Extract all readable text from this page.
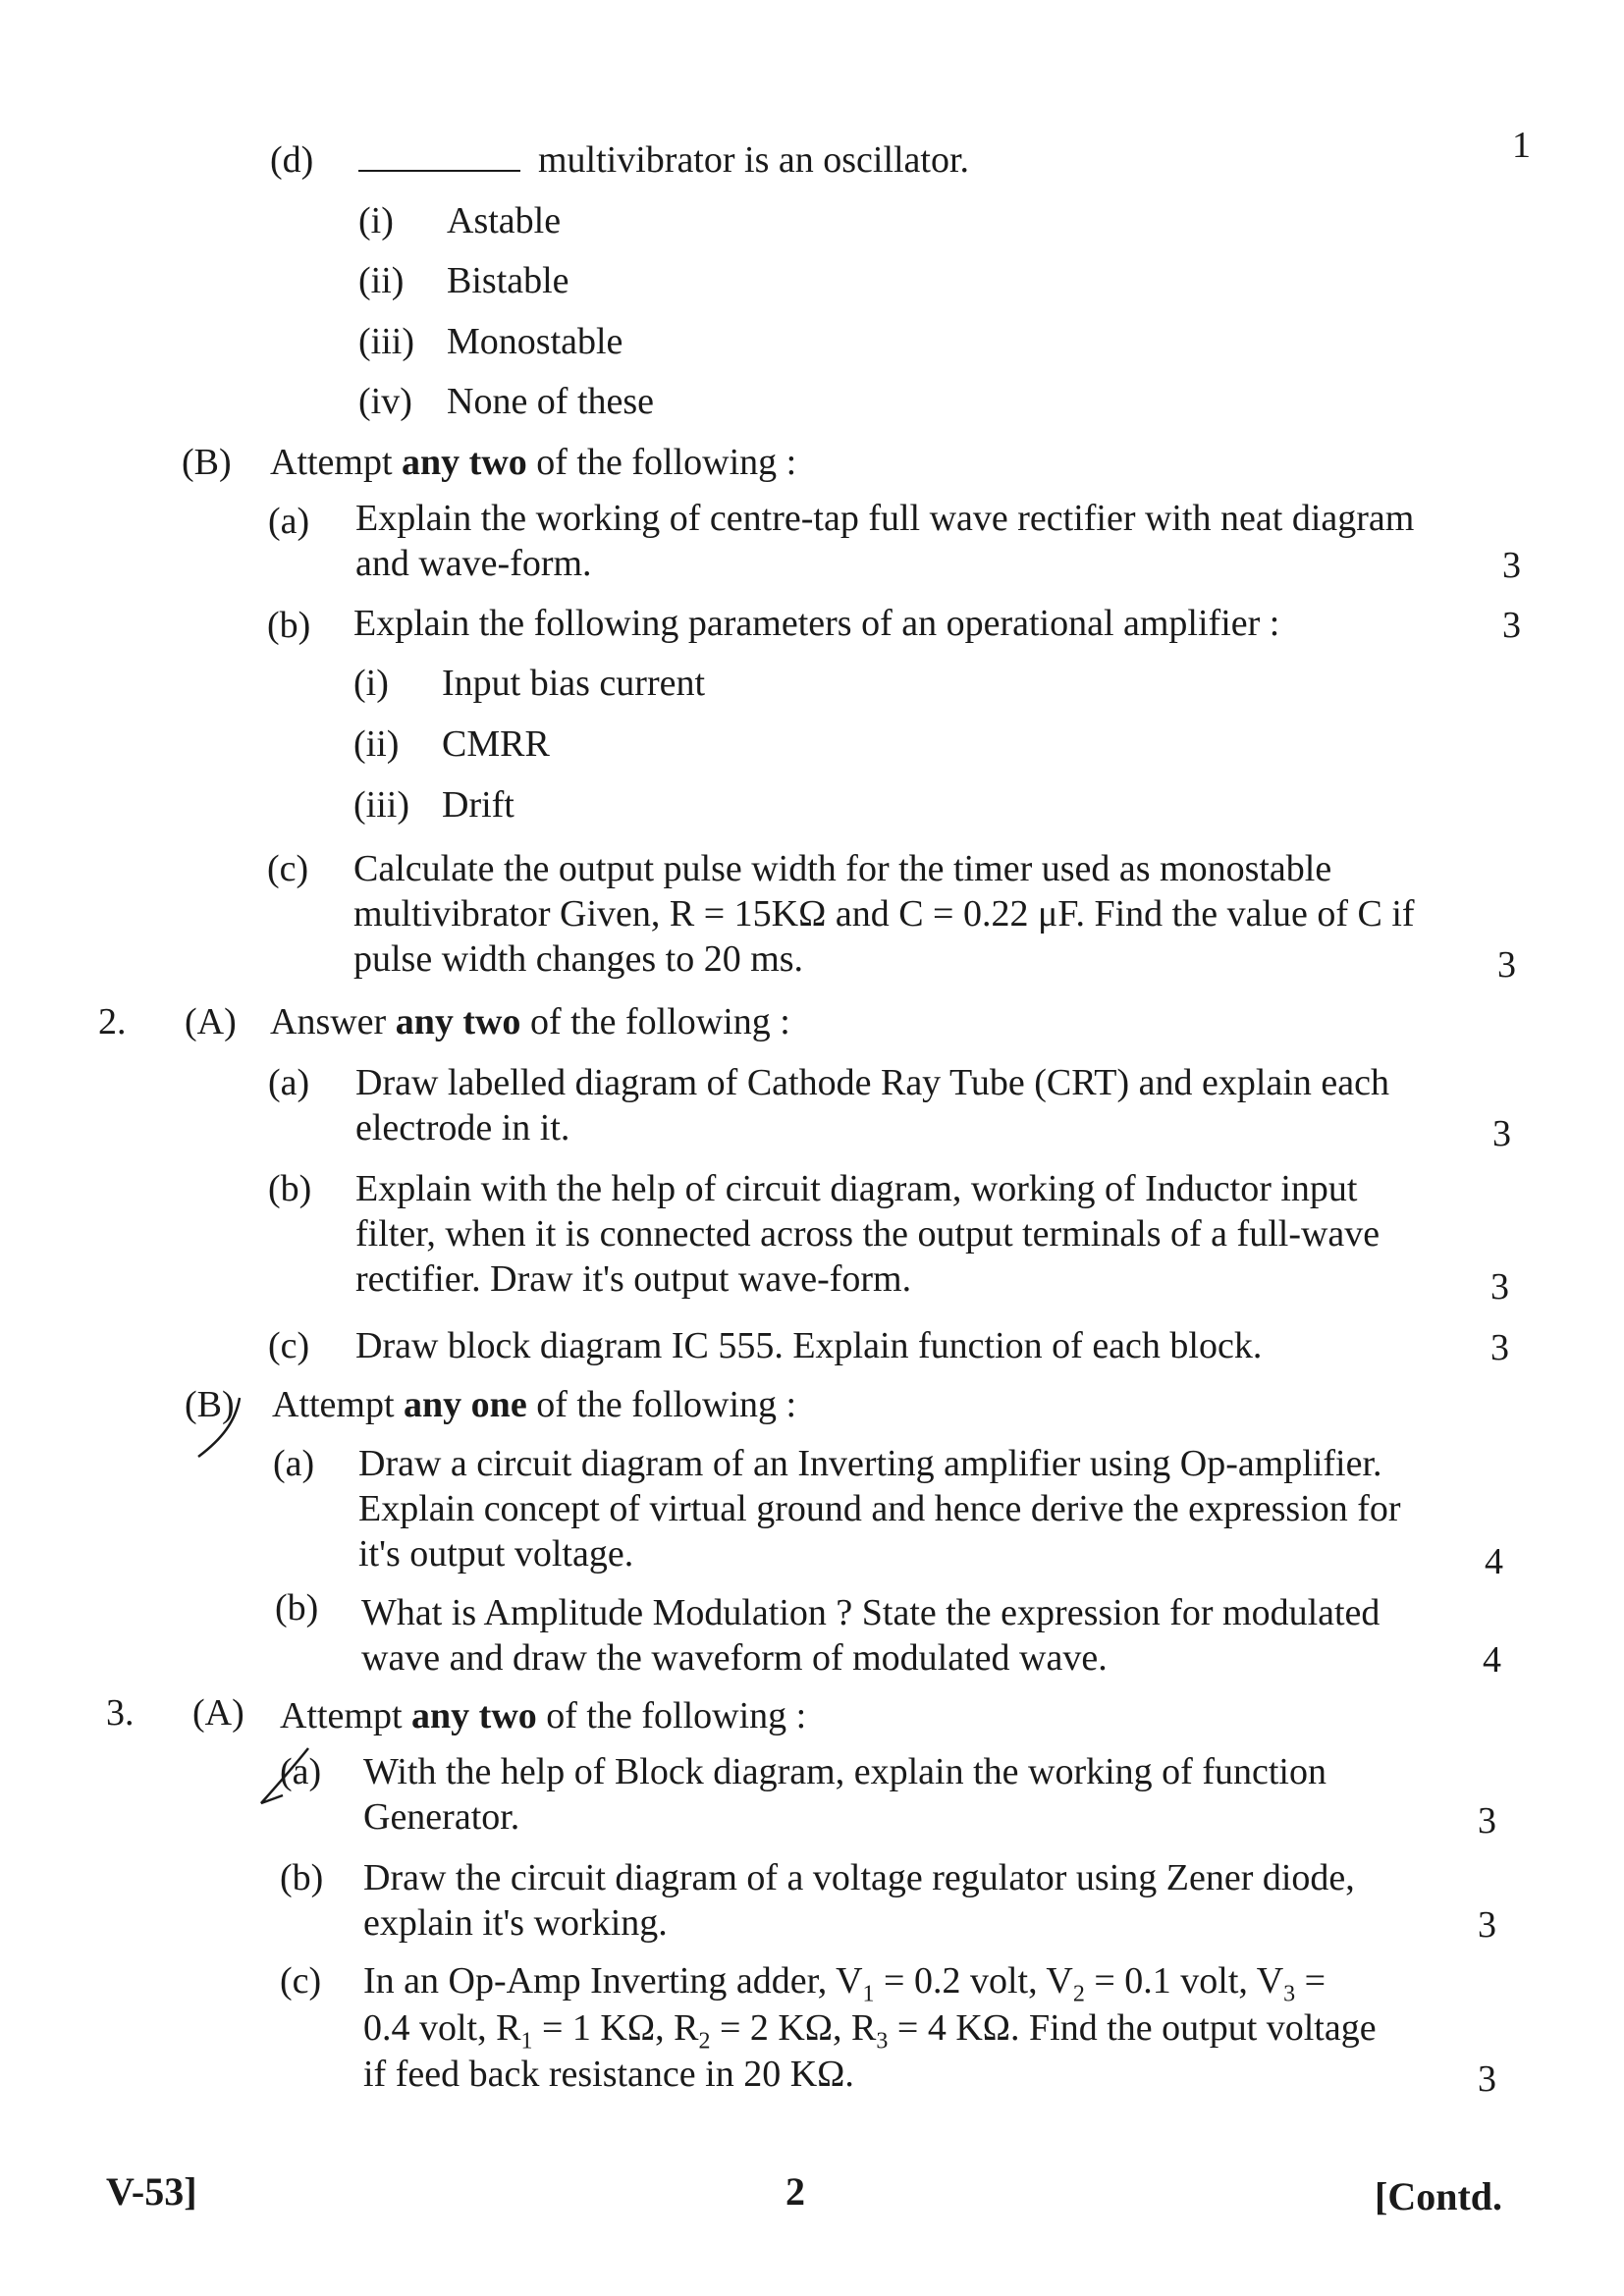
(d)	multivibrator is an oscillator.	1
(i) Astable
(ii) Bistable
(iii) Monostable
(iv) None of these
(B) Attempt any two of the following :
(a) Explain the working of centre-tap full wave rectifier with neat diagram and wave-form.	3
(b) Explain the following parameters of an operational amplifier :	3
(i) Input bias current
(ii) CMRR
(iii) Drift
(c) Calculate the output pulse width for the timer used as monostable multivibrator Given, R = 15KΩ and C = 0.22 μF. Find the value of C if pulse width changes to 20 ms.	3
2. (A) Answer any two of the following :
(a) Draw labelled diagram of Cathode Ray Tube (CRT) and explain each electrode in it.	3
(b) Explain with the help of circuit diagram, working of Inductor input filter, when it is connected across the output terminals of a full-wave rectifier. Draw it's output wave-form.	3
(c) Draw block diagram IC 555. Explain function of each block.	3
(B) Attempt any one of the following :
(a) Draw a circuit diagram of an Inverting amplifier using Op-amplifier. Explain concept of virtual ground and hence derive the expression for it's output voltage.	4
(b) What is Amplitude Modulation ? State the expression for modulated wave and draw the waveform of modulated wave.	4
3. (A) Attempt any two of the following :
(a) With the help of Block diagram, explain the working of function Generator.	3
(b) Draw the circuit diagram of a voltage regulator using Zener diode, explain it's working.	3
(c) In an Op-Amp Inverting adder, $V_1 = 0.2$ volt, $V_2 = 0.1$ volt, $V_3$ =
0.4 volt, $R_1 = 1$ KΩ, $R_2 = 2$ KΩ, $R_3 = 4$ KΩ. Find the output voltage
if feed back resistance in 20 KΩ.	3
V-53]	2	[Contd.
